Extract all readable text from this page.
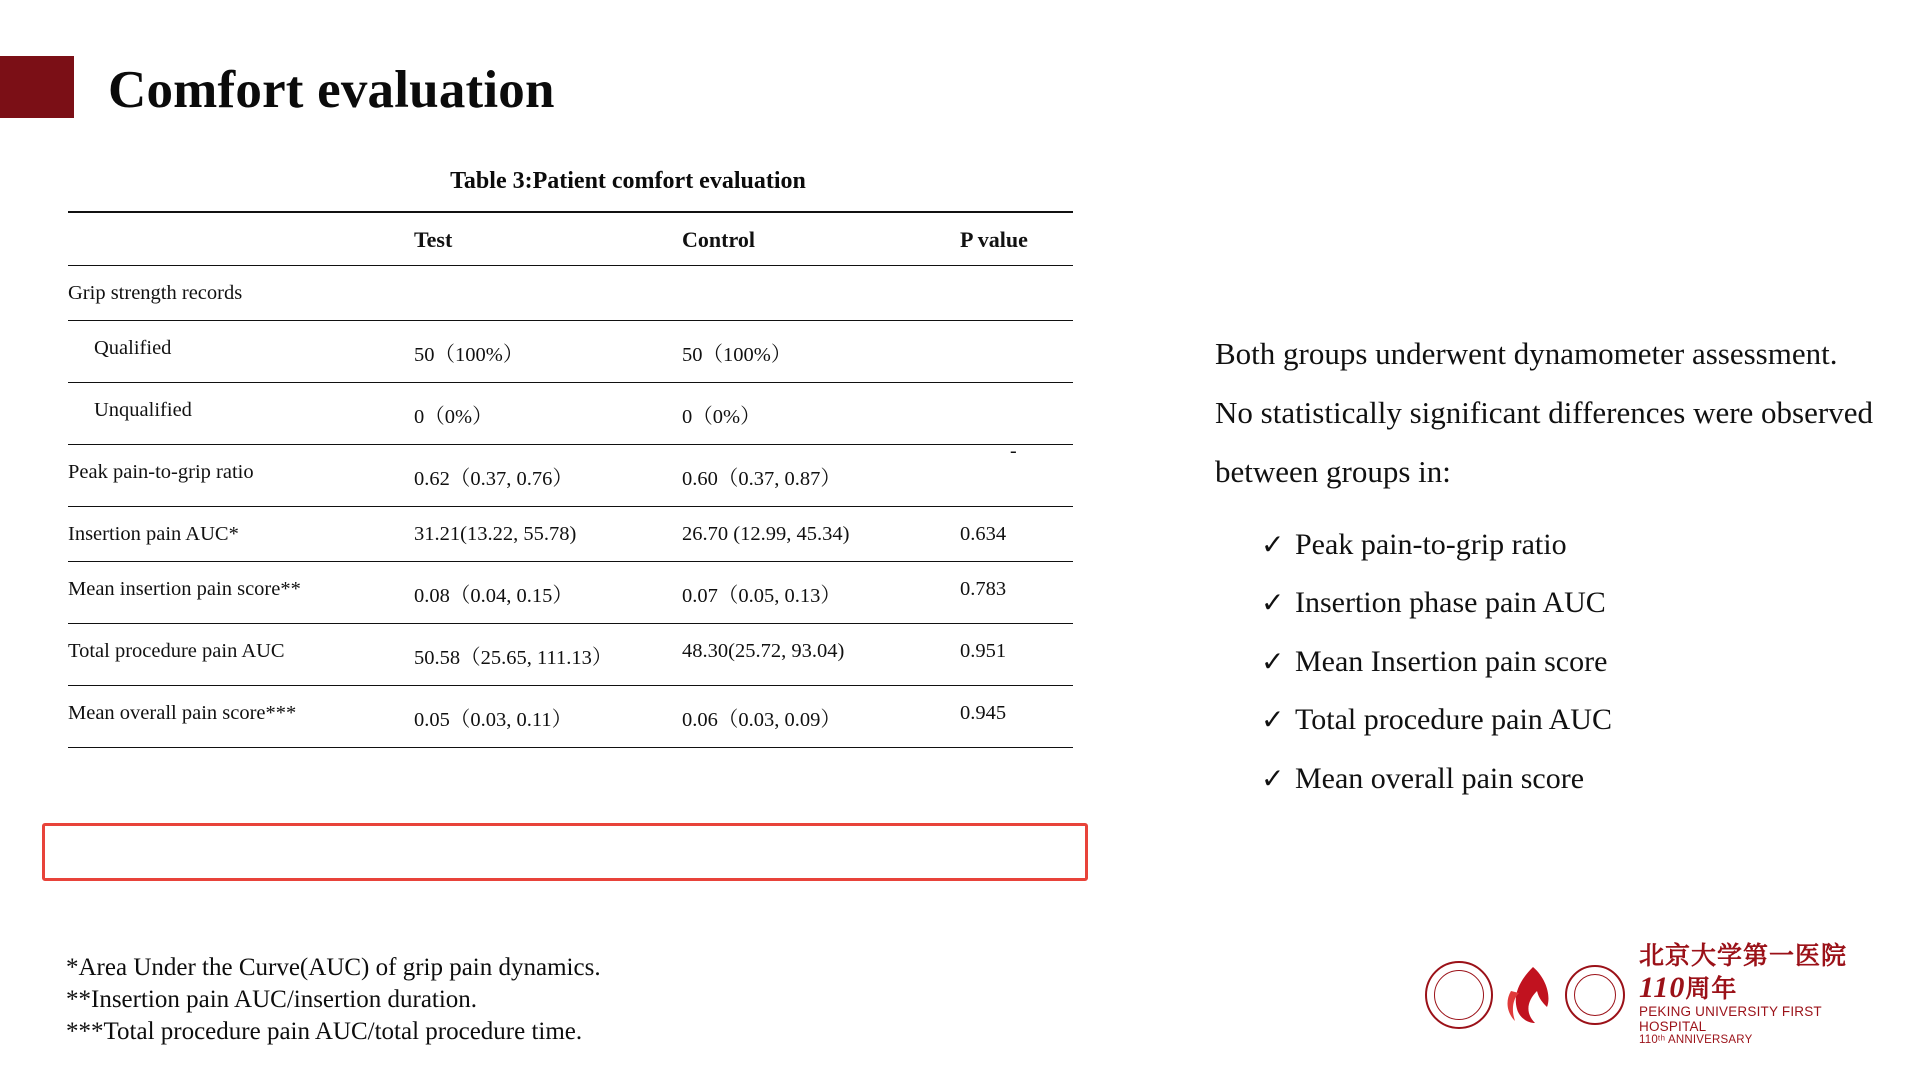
Comfort evaluation
Table 3:Patient comfort evaluation

	Test	Control	P value

Grip strength records			

Qualified	50（100%）	50（100%）	

Unqualified	0（0%）	0（0%）	

Peak pain-to-grip ratio	0.62（0.37, 0.76）	0.60（0.37, 0.87）	

Insertion pain AUC*	31.21(13.22, 55.78)	26.70 (12.99, 45.34)	0.634

Mean insertion pain score**	0.08（0.04, 0.15）	0.07（0.05, 0.13）	0.783

Total procedure pain AUC	50.58（25.65, 111.13）	48.30(25.72, 93.04)	0.951

Mean overall pain score***	0.05（0.03, 0.11）	0.06（0.03, 0.09）	0.945

-
*Area Under the Curve(AUC) of grip pain dynamics.
**Insertion pain AUC/insertion duration.
***Total procedure pain AUC/total procedure time.
Both groups underwent dynamometer assessment. No statistically significant differences were observed between groups in:
✓ Peak pain-to-grip ratio
✓ Insertion phase pain AUC
✓ Mean Insertion pain score
✓ Total procedure pain AUC
✓ Mean overall pain score
北京大学第一医院110周年
PEKING UNIVERSITY FIRST HOSPITAL
110ᵗʰ ANNIVERSARY
